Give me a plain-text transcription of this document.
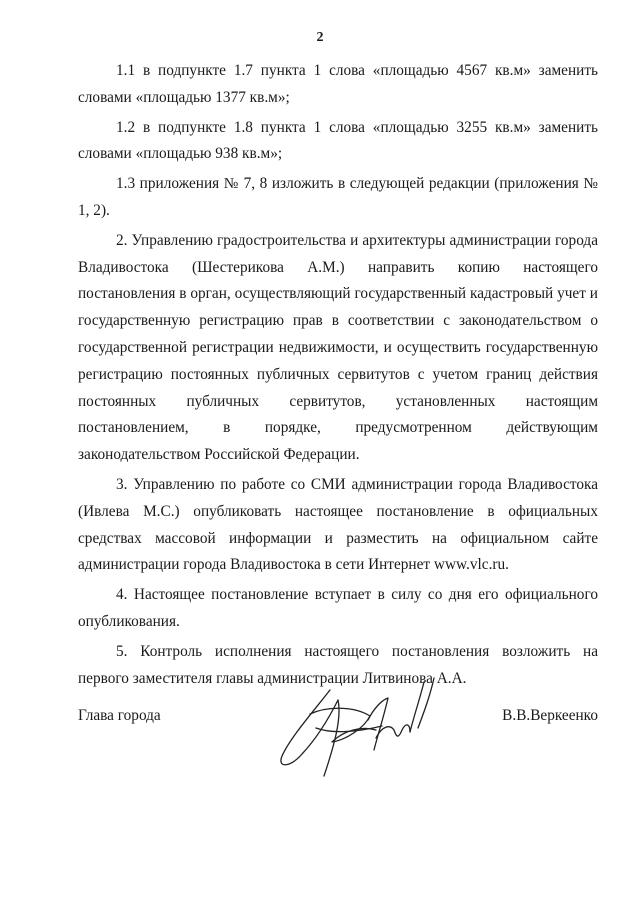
2

1.1 в подпункте 1.7 пункта 1 слова «площадью 4567 кв.м» заменить словами «площадью 1377 кв.м»;

1.2 в подпункте 1.8 пункта 1 слова «площадью 3255 кв.м» заменить словами «площадью 938 кв.м»;

1.3 приложения № 7, 8 изложить в следующей редакции (приложения № 1, 2).

2. Управлению градостроительства и архитектуры администрации города Владивостока (Шестерикова А.М.) направить копию настоящего постановления в орган, осуществляющий государственный кадастровый учет и государственную регистрацию прав в соответствии с законодательством о государственной регистрации недвижимости, и осуществить государственную регистрацию постоянных публичных сервитутов с учетом границ действия постоянных публичных сервитутов, установленных настоящим постановлением, в порядке, предусмотренном действующим законодательством Российской Федерации.

3. Управлению по работе со СМИ администрации города Владивостока (Ивлева М.С.) опубликовать настоящее постановление в официальных средствах массовой информации и разместить на официальном сайте администрации города Владивостока в сети Интернет www.vlc.ru.

4. Настоящее постановление вступает в силу со дня его официального опубликования.

5. Контроль исполнения настоящего постановления возложить на первого заместителя главы администрации Литвинова А.А.

Глава города	В.В.Веркеенко
